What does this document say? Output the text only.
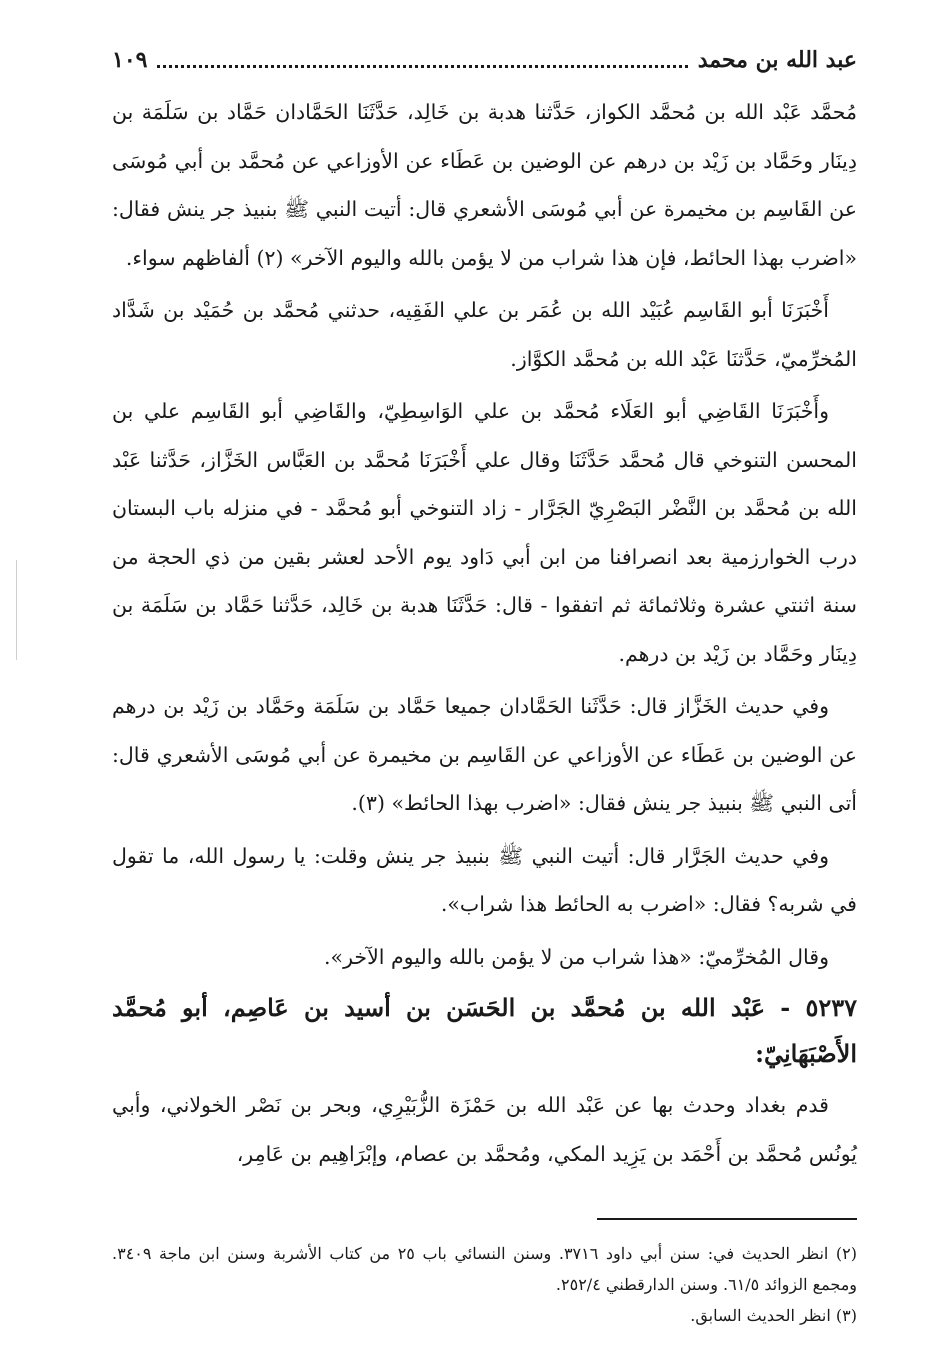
عبد الله بن محمد
١٠٩

مُحمَّد عَبْد الله بن مُحمَّد الكواز، حَدَّثنا هدبة بن خَالِد، حَدَّثَنَا الحَمَّادان حَمَّاد بن سَلَمَة بن دِينَار وحَمَّاد بن زَيْد بن درهم عن الوضين بن عَطَاء عن الأوزاعي عن مُحمَّد بن أبي مُوسَى عن القَاسِم بن مخيمرة عن أبي مُوسَى الأشعري قال: أتيت النبي ﷺ بنبيذ جر ينش فقال: «اضرب بهذا الحائط، فإن هذا شراب من لا يؤمن بالله واليوم الآخر» (٢) ألفاظهم سواء.

أَخْبَرَنَا أبو القَاسِم عُبَيْد الله بن عُمَر بن علي الفَقِيه، حدثني مُحمَّد بن حُمَيْد بن شَدَّاد المُخرِّميّ، حَدَّثنَا عَبْد الله بن مُحمَّد الكوَّاز.

وأَخْبَرَنَا القَاضِي أبو العَلَاء مُحمَّد بن علي الوَاسِطِيّ، والقَاضِي أبو القَاسِم علي بن المحسن التنوخي قال مُحمَّد حَدَّثَنَا وقال علي أَخْبَرَنَا مُحمَّد بن العَبَّاس الخَزَّاز، حَدَّثنا عَبْد الله بن مُحمَّد بن النَّضْر البَصْرِيّ الجَرَّار - زاد التنوخي أبو مُحمَّد - في منزله باب البستان درب الخوارزمية بعد انصرافنا من ابن أبي دَاود يوم الأحد لعشر بقين من ذي الحجة من سنة اثنتي عشرة وثلاثمائة ثم اتفقوا - قال: حَدَّثَنَا هدبة بن خَالِد، حَدَّثنا حَمَّاد بن سَلَمَة بن دِينَار وحَمَّاد بن زَيْد بن درهم.

وفي حديث الخَزَّاز قال: حَدَّثَنا الحَمَّادان جميعا حَمَّاد بن سَلَمَة وحَمَّاد بن زَيْد بن درهم عن الوضين بن عَطَاء عن الأوزاعي عن القَاسِم بن مخيمرة عن أبي مُوسَى الأشعري قال: أتى النبي ﷺ بنبيذ جر ينش فقال: «اضرب بهذا الحائط» (٣).

وفي حديث الجَرَّار قال: أتيت النبي ﷺ بنبيذ جر ينش وقلت: يا رسول الله، ما تقول في شربه؟ فقال: «اضرب به الحائط هذا شراب».

وقال المُخرِّميّ: «هذا شراب من لا يؤمن بالله واليوم الآخر».

٥٢٣٧ - عَبْد الله بن مُحمَّد بن الحَسَن بن أسيد بن عَاصِم، أبو مُحمَّد الأَصْبَهَانِيّ:

قدم بغداد وحدث بها عن عَبْد الله بن حَمْزَة الزُّبَيْرِي، وبحر بن نَصْر الخولاني، وأبي يُونُس مُحمَّد بن أَحْمَد بن يَزِيد المكي، ومُحمَّد بن عصام، وإبْرَاهِيم بن عَامِر،

(٢) انظر الحديث في: سنن أبي داود ٣٧١٦. وسنن النسائي باب ٢٥ من كتاب الأشربة وسنن ابن ماجة ٣٤٠٩. ومجمع الزوائد ٦١/٥. وسنن الدارقطني ٢٥٢/٤.

(٣) انظر الحديث السابق.
